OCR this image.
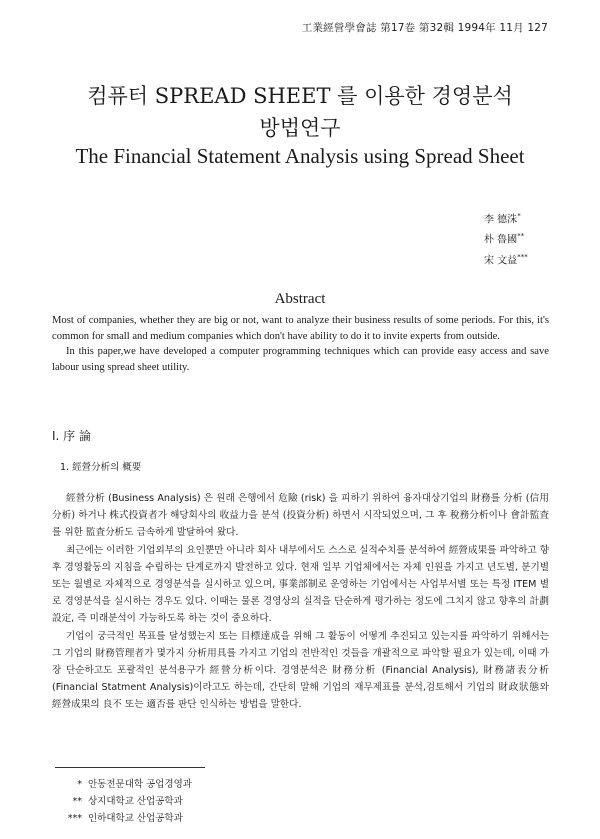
工業經營學會誌 第17卷 第32輯 1994年 11月 127
컴퓨터 SPREAD SHEET 를 이용한 경영분석
방법연구
The Financial Statement Analysis using Spread Sheet
李 德洙*
朴 魯國**
宋 文益***
Abstract

Most of companies, whether they are big or not, want to analyze their business results of some periods. For this, it's common for small and medium companies which don't have ability to do it to invite experts from outside.

In this paper,we have developed a computer programming techniques which can provide easy access and save labour using spread sheet utility.

Ⅰ. 序 論
1. 經營分析의 概要

經營分析 (Business Analysis) 은 원래 은행에서 危險 (risk) 을 피하기 위하여 융자대상기업의 財務를 分析 (信用分析) 하거나 株式投資者가 해당회사의 收益力을 분석 (投資分析) 하면서 시작되었으며, 그 후 稅務分析이나 會計監査를 위한 監査分析도 급속하게 발달하여 왔다.

최근에는 이러한 기업외부의 요인뿐만 아니라 회사 내부에서도 스스로 실적수치를 분석하여 經營成果를 파악하고 향후 경영활동의 지침을 수립하는 단계로까지 발전하고 있다. 현재 일부 기업체에서는 자체 인원을 가지고 년도별, 분기별 또는 월별로 자체적으로 경영분석을 실시하고 있으며, 事業部制로 운영하는 기업에서는 사업부서별 또는 특정 ITEM 별로 경영분석을 실시하는 경우도 있다. 이때는 물론 경영상의 실적을 단순하게 평가하는 정도에 그치지 않고 향후의 計劃設定, 즉 미래분석이 가능하도록 하는 것이 중요하다.

기업이 궁극적인 목표를 달성했는지 또는 目標達成을 위해 그 활동이 어떻게 추진되고 있는지를 파악하기 위해서는 그 기업의 財務管理者가 몇가지 分析用具를 가지고 기업의 전반적인 것들을 개괄적으로 파악할 필요가 있는데, 이때 가장 단순하고도 포괄적인 분석용구가 經營分析이다. 경영분석은 財務分析 (Financial Analysis), 財務諸表分析 (Financial Statment Analysis)이라고도 하는데, 간단히 말해 기업의 재무제표를 분석,검토해서 기업의 財政狀態와 經營成果의 良不 또는 適否를 판단 인식하는 방법을 말한다.

* 안동전문대학 공업경영과
** 상지대학교 산업공학과
*** 인하대학교 산업공학과
